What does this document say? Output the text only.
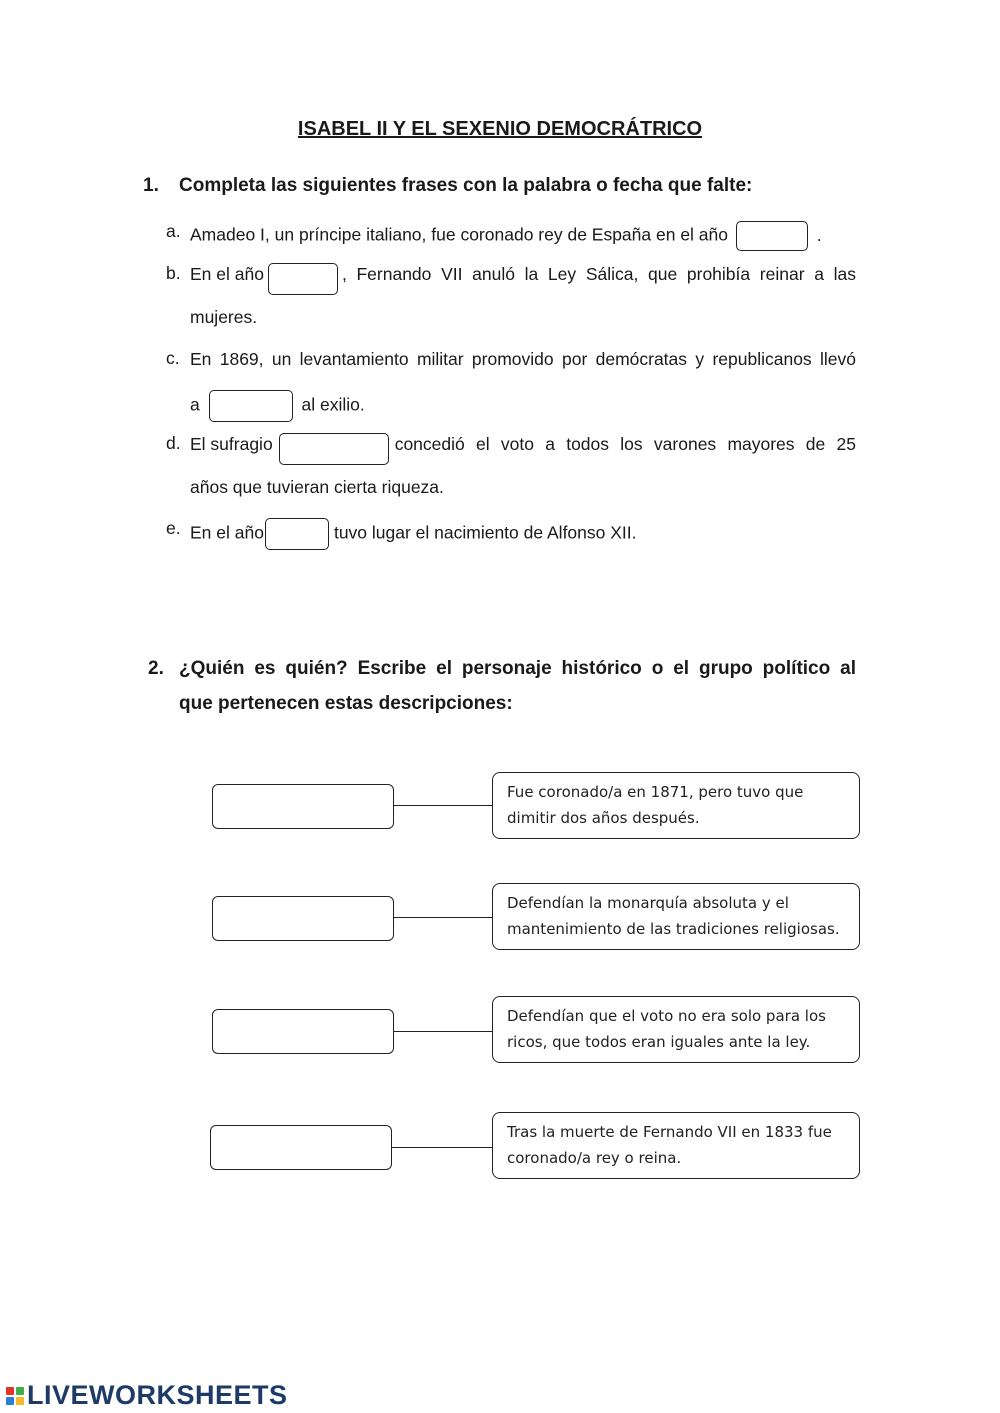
ISABEL II Y EL SEXENIO DEMOCRÁTRICO
1. Completa las siguientes frases con la palabra o fecha que falte:
a. Amadeo I, un príncipe italiano, fue coronado rey de España en el año	.
b. En el año	, Fernando VII anuló la Ley Sálica, que prohibía reinar a las
mujeres.
c. En 1869, un levantamiento militar promovido por demócratas y republicanos llevó
a	al exilio.
d. El sufragio	concedió el voto a todos los varones mayores de 25
años que tuvieran cierta riqueza.
e. En el año	tuvo lugar el nacimiento de Alfonso XII.
2. ¿Quién es quién? Escribe el personaje histórico o el grupo político al
que pertenecen estas descripciones:
Fue coronado/a en 1871, pero tuvo que
dimitir dos años después.
Defendían la monarquía absoluta y el
mantenimiento de las tradiciones religiosas.
Defendían que el voto no era solo para los
ricos, que todos eran iguales ante la ley.
Tras la muerte de Fernando VII en 1833 fue
coronado/a rey o reina.
LIVEWORKSHEETS
